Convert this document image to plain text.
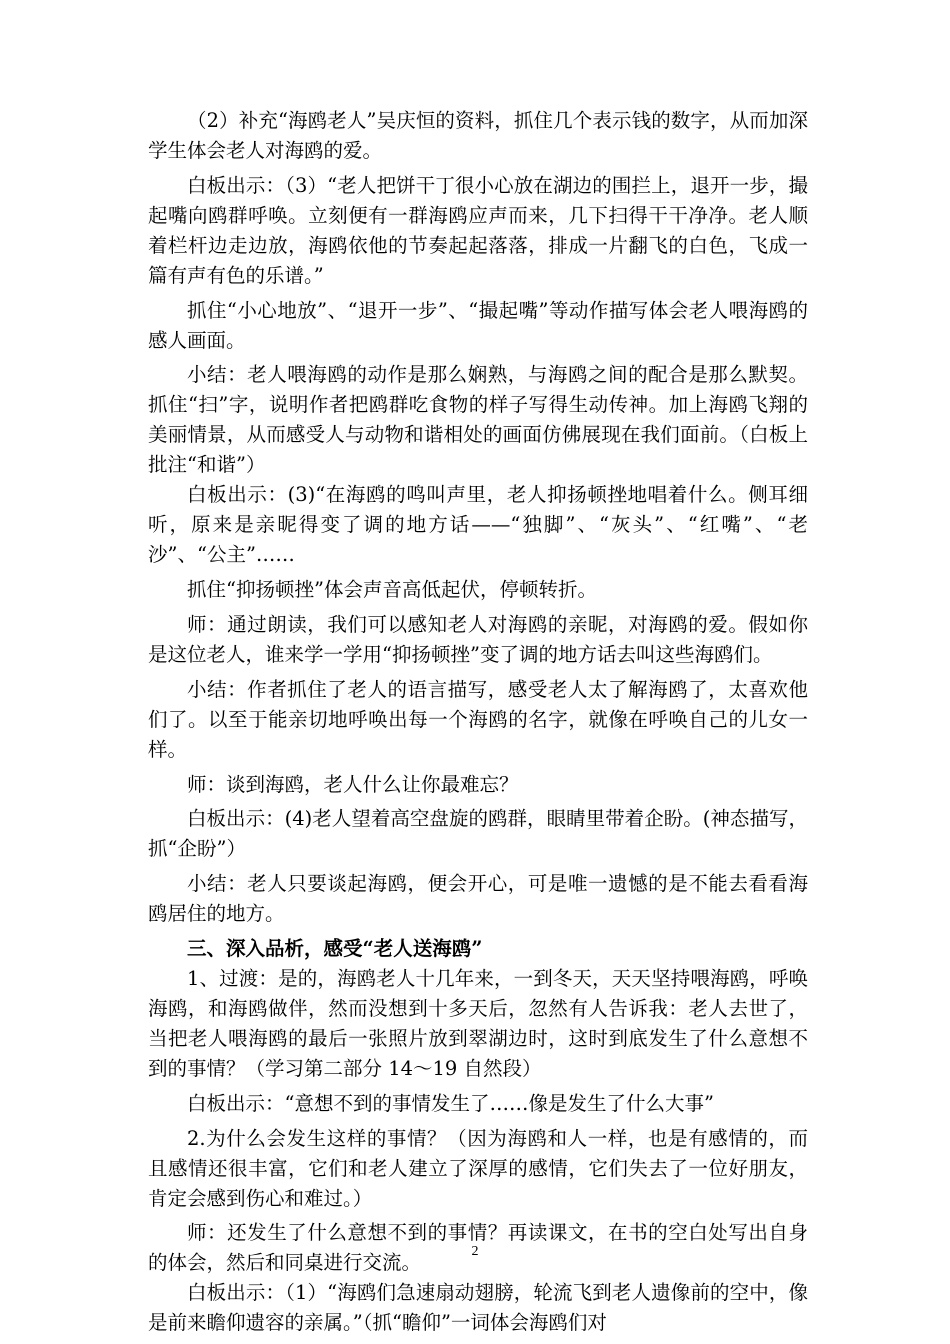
（2）补充“海鸥老人”吴庆恒的资料，抓住几个表示钱的数字，从而加深学生体会老人对海鸥的爱。

白板出示：（3）“老人把饼干丁很小心放在湖边的围拦上，退开一步，撮起嘴向鸥群呼唤。立刻便有一群海鸥应声而来，几下扫得干干净净。老人顺着栏杆边走边放，海鸥依他的节奏起起落落，排成一片翻飞的白色，飞成一篇有声有色的乐谱。”

抓住“小心地放”、“退开一步”、“撮起嘴”等动作描写体会老人喂海鸥的感人画面。

小结：老人喂海鸥的动作是那么娴熟，与海鸥之间的配合是那么默契。抓住“扫”字，说明作者把鸥群吃食物的样子写得生动传神。加上海鸥飞翔的美丽情景，从而感受人与动物和谐相处的画面仿佛展现在我们面前。（白板上批注“和谐”）

白板出示：(3)“在海鸥的鸣叫声里，老人抑扬顿挫地唱着什么。侧耳细听，原来是亲昵得变了调的地方话——“独脚”、“灰头”、“红嘴”、“老沙”、“公主”……

抓住“抑扬顿挫”体会声音高低起伏，停顿转折。

师：通过朗读，我们可以感知老人对海鸥的亲昵，对海鸥的爱。假如你是这位老人，谁来学一学用“抑扬顿挫”变了调的地方话去叫这些海鸥们。

小结：作者抓住了老人的语言描写，感受老人太了解海鸥了，太喜欢他们了。以至于能亲切地呼唤出每一个海鸥的名字，就像在呼唤自己的儿女一样。

师：谈到海鸥，老人什么让你最难忘？

白板出示：(4)老人望着高空盘旋的鸥群，眼睛里带着企盼。(神态描写，抓“企盼”）

小结：老人只要谈起海鸥，便会开心，可是唯一遗憾的是不能去看看海鸥居住的地方。

三、深入品析，感受“老人送海鸥”

1、过渡：是的，海鸥老人十几年来，一到冬天，天天坚持喂海鸥，呼唤海鸥，和海鸥做伴，然而没想到十多天后，忽然有人告诉我：老人去世了，当把老人喂海鸥的最后一张照片放到翠湖边时，这时到底发生了什么意想不到的事情？（学习第二部分 14～19 自然段）

白板出示：“意想不到的事情发生了……像是发生了什么大事”

2.为什么会发生这样的事情？（因为海鸥和人一样，也是有感情的，而且感情还很丰富，它们和老人建立了深厚的感情，它们失去了一位好朋友，肯定会感到伤心和难过。）

师：还发生了什么意想不到的事情？再读课文，在书的空白处写出自身的体会，然后和同桌进行交流。

白板出示：（1）“海鸥们急速扇动翅膀，轮流飞到老人遗像前的空中，像是前来瞻仰遗容的亲属。”（抓“瞻仰”一词体会海鸥们对

2
